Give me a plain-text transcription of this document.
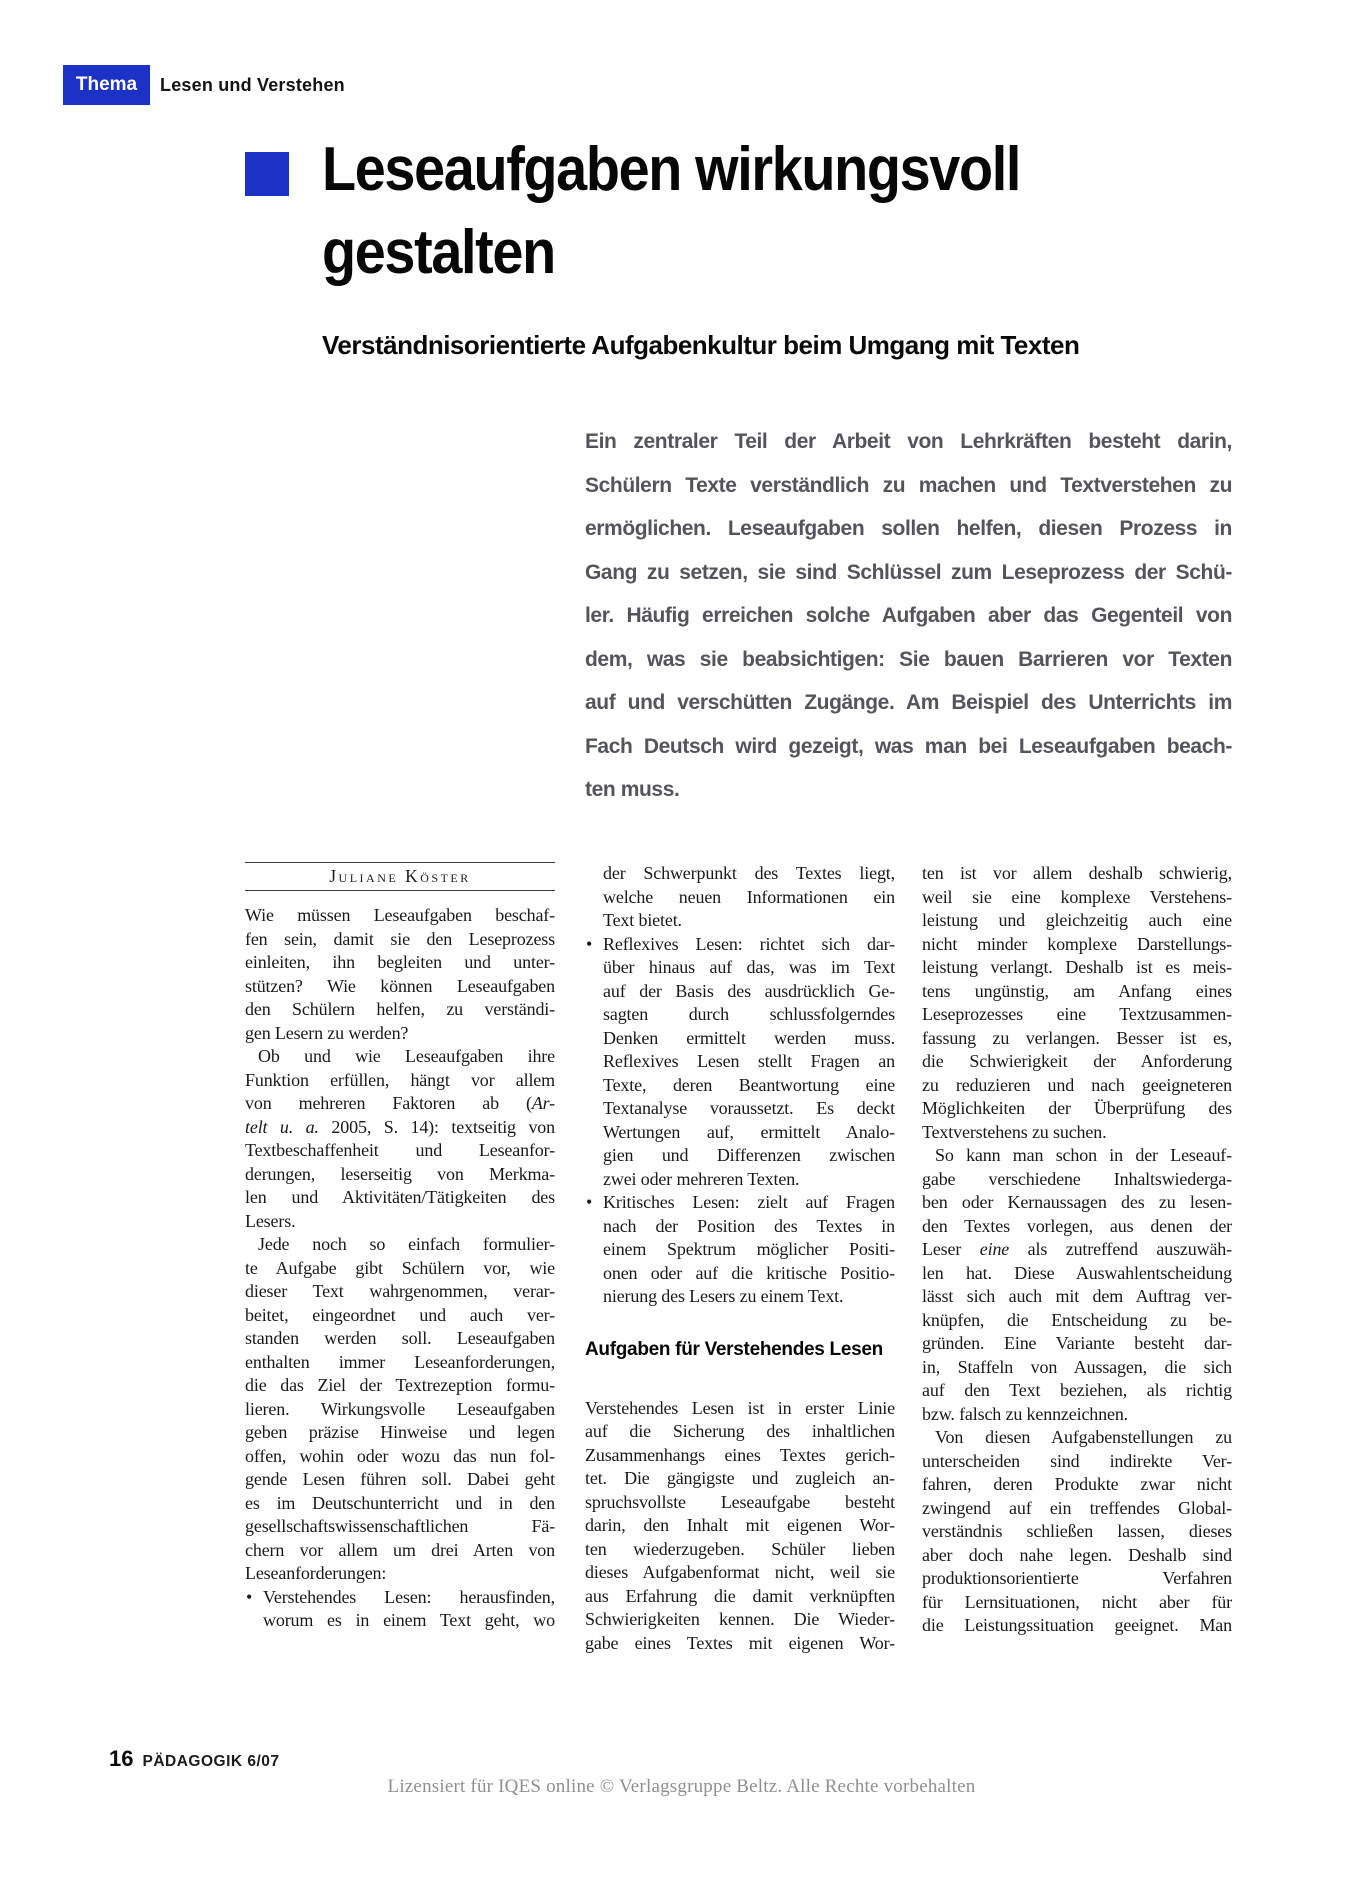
Thema Lesen und Verstehen
Leseaufgaben wirkungsvoll
gestalten
Verständnisorientierte Aufgabenkultur beim Umgang mit Texten
Ein zentraler Teil der Arbeit von Lehrkräften besteht darin,
Schülern Texte verständlich zu machen und Textverstehen zu
ermöglichen. Leseaufgaben sollen helfen, diesen Prozess in
Gang zu setzen, sie sind Schlüssel zum Leseprozess der Schü-
ler. Häufig erreichen solche Aufgaben aber das Gegenteil von
dem, was sie beabsichtigen: Sie bauen Barrieren vor Texten
auf und verschütten Zugänge. Am Beispiel des Unterrichts im
Fach Deutsch wird gezeigt, was man bei Leseaufgaben beach-
ten muss.
Juliane Köster
Wie müssen Leseaufgaben beschaf-
fen sein, damit sie den Leseprozess
einleiten, ihn begleiten und unter-
stützen? Wie können Leseaufgaben
den Schülern helfen, zu verständi-
gen Lesern zu werden?
Ob und wie Leseaufgaben ihre
Funktion erfüllen, hängt vor allem
von mehreren Faktoren ab (Ar-
telt u. a. 2005, S. 14): textseitig von
Textbeschaffenheit und Leseanfor-
derungen, leserseitig von Merkma-
len und Aktivitäten/Tätigkeiten des
Lesers.
Jede noch so einfach formulier-
te Aufgabe gibt Schülern vor, wie
dieser Text wahrgenommen, verar-
beitet, eingeordnet und auch ver-
standen werden soll. Leseaufgaben
enthalten immer Leseanforderungen,
die das Ziel der Textrezeption formu-
lieren. Wirkungsvolle Leseaufgaben
geben präzise Hinweise und legen
offen, wohin oder wozu das nun fol-
gende Lesen führen soll. Dabei geht
es im Deutschunterricht und in den
gesellschaftswissenschaftlichen Fä-
chern vor allem um drei Arten von
Leseanforderungen:
• Verstehendes Lesen: herausfinden,
worum es in einem Text geht, wo
der Schwerpunkt des Textes liegt,
welche neuen Informationen ein
Text bietet.
• Reflexives Lesen: richtet sich dar-
über hinaus auf das, was im Text
auf der Basis des ausdrücklich Ge-
sagten durch schlussfolgerndes
Denken ermittelt werden muss.
Reflexives Lesen stellt Fragen an
Texte, deren Beantwortung eine
Textanalyse voraussetzt. Es deckt
Wertungen auf, ermittelt Analo-
gien und Differenzen zwischen
zwei oder mehreren Texten.
• Kritisches Lesen: zielt auf Fragen
nach der Position des Textes in
einem Spektrum möglicher Positi-
onen oder auf die kritische Positio-
nierung des Lesers zu einem Text.
Aufgaben für Verstehendes Lesen
Verstehendes Lesen ist in erster Linie
auf die Sicherung des inhaltlichen
Zusammenhangs eines Textes gerich-
tet. Die gängigste und zugleich an-
spruchsvollste Leseaufgabe besteht
darin, den Inhalt mit eigenen Wor-
ten wiederzugeben. Schüler lieben
dieses Aufgabenformat nicht, weil sie
aus Erfahrung die damit verknüpften
Schwierigkeiten kennen. Die Wieder-
gabe eines Textes mit eigenen Wor-
ten ist vor allem deshalb schwierig,
weil sie eine komplexe Verstehens-
leistung und gleichzeitig auch eine
nicht minder komplexe Darstellungs-
leistung verlangt. Deshalb ist es meis-
tens ungünstig, am Anfang eines
Leseprozesses eine Textzusammen-
fassung zu verlangen. Besser ist es,
die Schwierigkeit der Anforderung
zu reduzieren und nach geeigneteren
Möglichkeiten der Überprüfung des
Textverstehens zu suchen.
So kann man schon in der Leseauf-
gabe verschiedene Inhaltswiederga-
ben oder Kernaussagen des zu lesen-
den Textes vorlegen, aus denen der
Leser eine als zutreffend auszuwäh-
len hat. Diese Auswahlentscheidung
lässt sich auch mit dem Auftrag ver-
knüpfen, die Entscheidung zu be-
gründen. Eine Variante besteht dar-
in, Staffeln von Aussagen, die sich
auf den Text beziehen, als richtig
bzw. falsch zu kennzeichnen.
Von diesen Aufgabenstellungen zu
unterscheiden sind indirekte Ver-
fahren, deren Produkte zwar nicht
zwingend auf ein treffendes Global-
verständnis schließen lassen, dieses
aber doch nahe legen. Deshalb sind
produktionsorientierte Verfahren
für Lernsituationen, nicht aber für
die Leistungssituation geeignet. Man
16 PÄDAGOGIK 6/07
Lizensiert für IQES online © Verlagsgruppe Beltz. Alle Rechte vorbehalten
